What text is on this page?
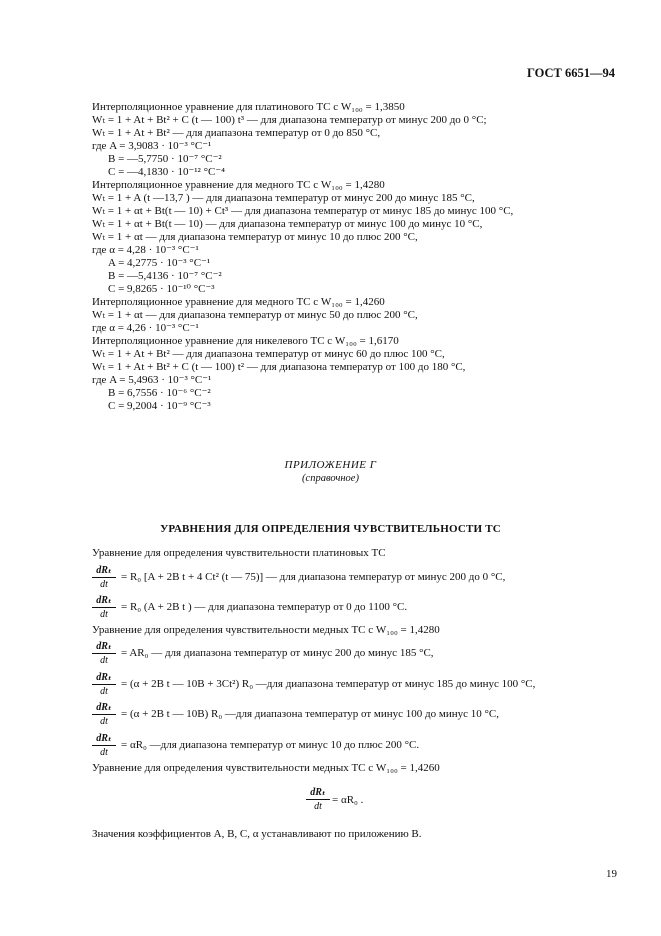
ГОСТ 6651—94
Интерполяционное уравнение для платинового ТС с W₁₀₀ = 1,3850
Wₜ = 1 + At + Bt² + C (t — 100) t³ — для диапазона температур от минус 200 до 0 °С;
Wₜ = 1 + At + Bt² — для диапазона температур от 0 до 850 °С,
где A = 3,9083 · 10⁻³ °С⁻¹
B = —5,7750 · 10⁻⁷ °С⁻²
C = —4,1830 · 10⁻¹² °С⁻⁴
Интерполяционное уравнение для медного ТС с W₁₀₀ = 1,4280
Wₜ = 1 + A (t —13,7 ) — для диапазона температур от минус 200 до минус 185 °С,
Wₜ = 1 + αt + Bt(t — 10) + Ct³ — для диапазона температур от минус 185 до минус 100 °С,
Wₜ = 1 + αt + Bt(t — 10) — для диапазона температур от минус 100 до минус 10 °С,
Wₜ = 1 + αt — для диапазона температур от минус 10 до плюс 200 °С,
где α = 4,28 · 10⁻³ °С⁻¹
A = 4,2775 · 10⁻³ °С⁻¹
B = —5,4136 · 10⁻⁷ °С⁻²
C = 9,8265 · 10⁻¹⁰ °С⁻³
Интерполяционное уравнение для медного ТС с W₁₀₀ = 1,4260
Wₜ = 1 + αt — для диапазона температур от минус 50 до плюс 200 °С,
где α = 4,26 · 10⁻³ °С⁻¹
Интерполяционное уравнение для никелевого ТС с W₁₀₀ = 1,6170
Wₜ = 1 + At + Bt² — для диапазона температур от минус 60 до плюс 100 °С,
Wₜ = 1 + At + Bt² + C (t — 100) t² — для диапазона температур от 100 до 180 °С,
где A = 5,4963 · 10⁻³ °С⁻¹
B = 6,7556 · 10⁻⁶ °С⁻²
C = 9,2004 · 10⁻⁹ °С⁻³
ПРИЛОЖЕНИЕ Г
(справочное)
УРАВНЕНИЯ ДЛЯ ОПРЕДЕЛЕНИЯ ЧУВСТВИТЕЛЬНОСТИ ТС
Уравнение для определения чувствительности платиновых ТС
dRₜ
dt
= R₀ [A + 2B t + 4 Ct² (t — 75)] — для диапазона температур от минус 200 до 0 °С,
dRₜ
dt
= R₀ (A + 2B t ) — для диапазона температур от 0 до 1100 °С.
Уравнение для определения чувствительности медных ТС с W₁₀₀ = 1,4280
dRₜ
dt
= AR₀ — для диапазона температур от минус 200 до минус 185 °С,
dRₜ
dt
= (α + 2B t — 10B + 3Ct²) R₀ —для диапазона температур от минус 185 до минус 100 °С,
dRₜ
dt
= (α + 2B t — 10B) R₀ —для диапазона температур от минус 100 до минус 10 °С,
dRₜ
dt
= αR₀ —для диапазона температур от минус 10 до плюс 200 °С.
Уравнение для определения чувствительности медных ТС с W₁₀₀ = 1,4260
dRₜ
dt
= αR₀ .
Значения коэффициентов A, B, C, α устанавливают по приложению В.
19
